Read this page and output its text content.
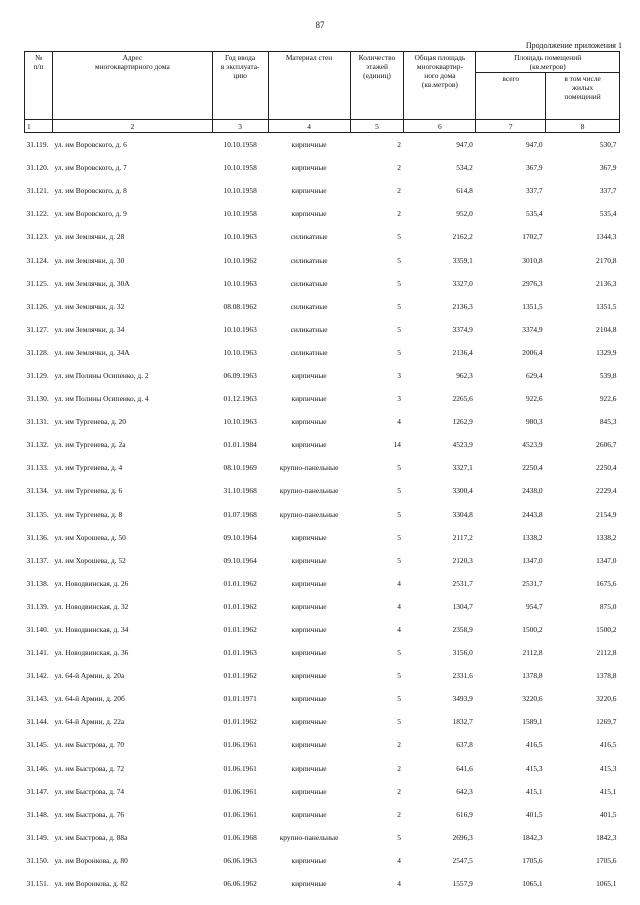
87
Продолжение приложения 1
№
п/п	Адрес
многоквартирного дома	Год ввода
в эксплуата-
цию	Материал стен	Количество
этажей
(единиц)	Общая площадь
многоквартир-
ного дома
(кв.метров)	Площадь помещений
(кв.метров)	
						всего	в том числе
жилых
помещений
1	2	3	4	5	6	7	8
31.119.	ул. им Воровского, д. 6	10.10.1958	кирпичные	2	947,0	947,0	530,7
31.120.	ул. им Воровского, д. 7	10.10.1958	кирпичные	2	534,2	367,9	367,9
31.121.	ул. им Воровского, д. 8	10.10.1958	кирпичные	2	614,8	337,7	337,7
31.122.	ул. им Воровского, д. 9	10.10.1958	кирпичные	2	952,0	535,4	535,4
31.123.	ул. им Землячки, д. 28	10.10.1963	силикатные	5	2162,2	1702,7	1344,3
31.124.	ул. им Землячки, д. 30	10.10.1962	силикатные	5	3359,1	3010,8	2170,8
31.125.	ул. им Землячки, д. 30А	10.10.1963	силикатные	5	3327,0	2976,3	2136,3
31.126.	ул. им Землячки, д. 32	08.08.1962	силикатные	5	2136,3	1351,5	1351,5
31.127.	ул. им Землячки, д. 34	10.10.1963	силикатные	5	3374,9	3374,9	2104,8
31.128.	ул. им Землячки, д. 34А	10.10.1963	силикатные	5	2136,4	2006,4	1329,9
31.129.	ул. им Полины Осипенко, д. 2	06.09.1963	кирпичные	3	962,3	629,4	539,8
31.130.	ул. им Полины Осипенко, д. 4	01.12.1963	кирпичные	3	2265,6	922,6	922,6
31.131.	ул. им Тургенева, д. 20	10.10.1963	кирпичные	4	1262,9	980,3	845,3
31.132.	ул. им Тургенева, д. 2а	01.01.1984	кирпичные	14	4523,9	4523,9	2606,7
31.133.	ул. им Тургенева, д. 4	08.10.1969	крупно-панельные	5	3327,1	2250,4	2250,4
31.134.	ул. им Тургенева, д. 6	31.10.1968	крупно-панельные	5	3300,4	2438,0	2229,4
31.135.	ул. им Тургенева, д. 8	01.07.1968	крупно-панельные	5	3304,8	2443,8	2154,9
31.136.	ул. им Хорошева, д. 50	09.10.1964	кирпичные	5	2117,2	1338,2	1338,2
31.137.	ул. им Хорошева, д. 52	09.10.1964	кирпичные	5	2120,3	1347,0	1347,0
31.138.	ул. Новодвинская, д. 26	01.01.1962	кирпичные	4	2531,7	2531,7	1675,6
31.139.	ул. Новодвинская, д. 32	01.01.1962	кирпичные	4	1304,7	954,7	875,0
31.140.	ул. Новодвинская, д. 34	01.01.1962	кирпичные	4	2358,9	1500,2	1500,2
31.141.	ул. Новодвинская, д. 36	01.01.1963	кирпичные	5	3156,0	2112,8	2112,8
31.142.	ул. 64-й Армии, д. 20а	01.01.1962	кирпичные	5	2331,6	1378,8	1378,8
31.143.	ул. 64-й Армии, д. 20б	01.01.1971	кирпичные	5	3493,9	3220,6	3220,6
31.144.	ул. 64-й Армии, д. 22а	01.01.1962	кирпичные	5	1832,7	1589,1	1269,7
31.145.	ул. им Быстрова, д. 70	01.06.1961	кирпичные	2	637,8	416,5	416,5
31.146.	ул. им Быстрова, д. 72	01.06.1961	кирпичные	2	641,6	415,3	415,3
31.147.	ул. им Быстрова, д. 74	01.06.1961	кирпичные	2	642,3	415,1	415,1
31.148.	ул. им Быстрова, д. 76	01.06.1961	кирпичные	2	616,9	401,5	401,5
31.149.	ул. им Быстрова, д. 88а	01.06.1968	крупно-панельные	5	2696,3	1842,3	1842,3
31.150.	ул. им Воронкова, д. 80	06.06.1963	кирпичные	4	2547,5	1705,6	1705,6
31.151.	ул. им Воронкова, д. 82	06.06.1962	кирпичные	4	1557,9	1065,1	1065,1
